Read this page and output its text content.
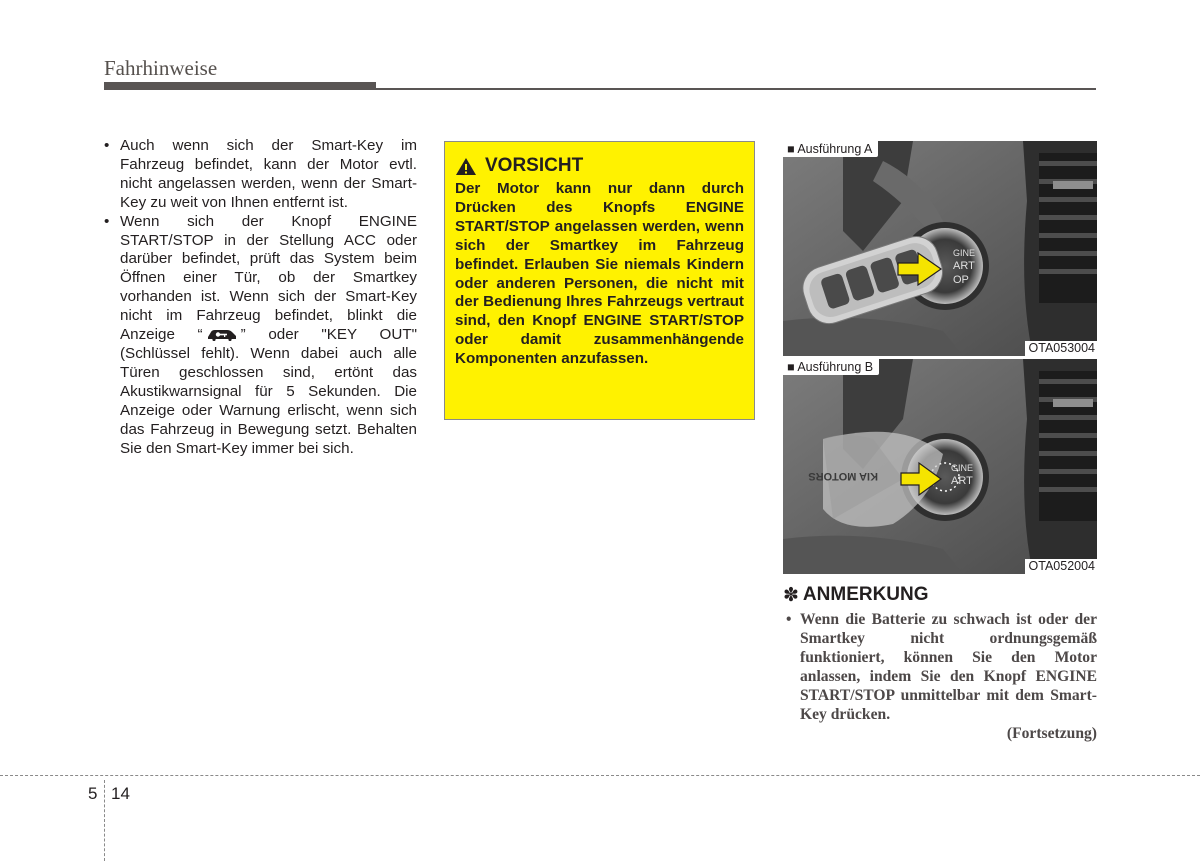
Fahrhinweise
• Auch wenn sich der Smart-Key im Fahrzeug befindet, kann der Motor evtl. nicht angelassen werden, wenn der Smart-Key zu weit von Ihnen entfernt ist.
• Wenn sich der Knopf ENGINE START/STOP in der Stellung ACC oder darüber befindet, prüft das System beim Öffnen einer Tür, ob der Smartkey vorhanden ist. Wenn sich der Smart-Key nicht im Fahrzeug befindet, blinkt die Anzeige “	” oder "KEY OUT" (Schlüssel fehlt). Wenn dabei auch alle Türen geschlossen sind, ertönt das Akustikwarnsignal für 5 Sekunden. Die Anzeige oder Warnung erlischt, wenn sich das Fahrzeug in Bewegung setzt. Behalten Sie den Smart-Key immer bei sich.
VORSICHT
Der Motor kann nur dann durch Drücken des Knopfs ENGINE START/STOP angelassen werden, wenn sich der Smartkey im Fahrzeug befindet. Erlauben Sie niemals Kindern oder anderen Personen, die nicht mit der Bedienung Ihres Fahrzeugs vertraut sind, den Knopf ENGINE START/STOP oder damit zusammenhängende Komponenten anzufassen.
GINE
ART
OP
■ Ausführung A
OTA053004
GINE
ART
KIA MOTORS
■ Ausführung B
OTA052004
✽ ANMERKUNG
• Wenn die Batterie zu schwach ist oder der Smartkey nicht ordnungsgemäß funktioniert, können Sie den Motor anlassen, indem Sie den Knopf ENGINE START/STOP unmittelbar mit dem Smart-Key drücken.
(Fortsetzung)
5 14
